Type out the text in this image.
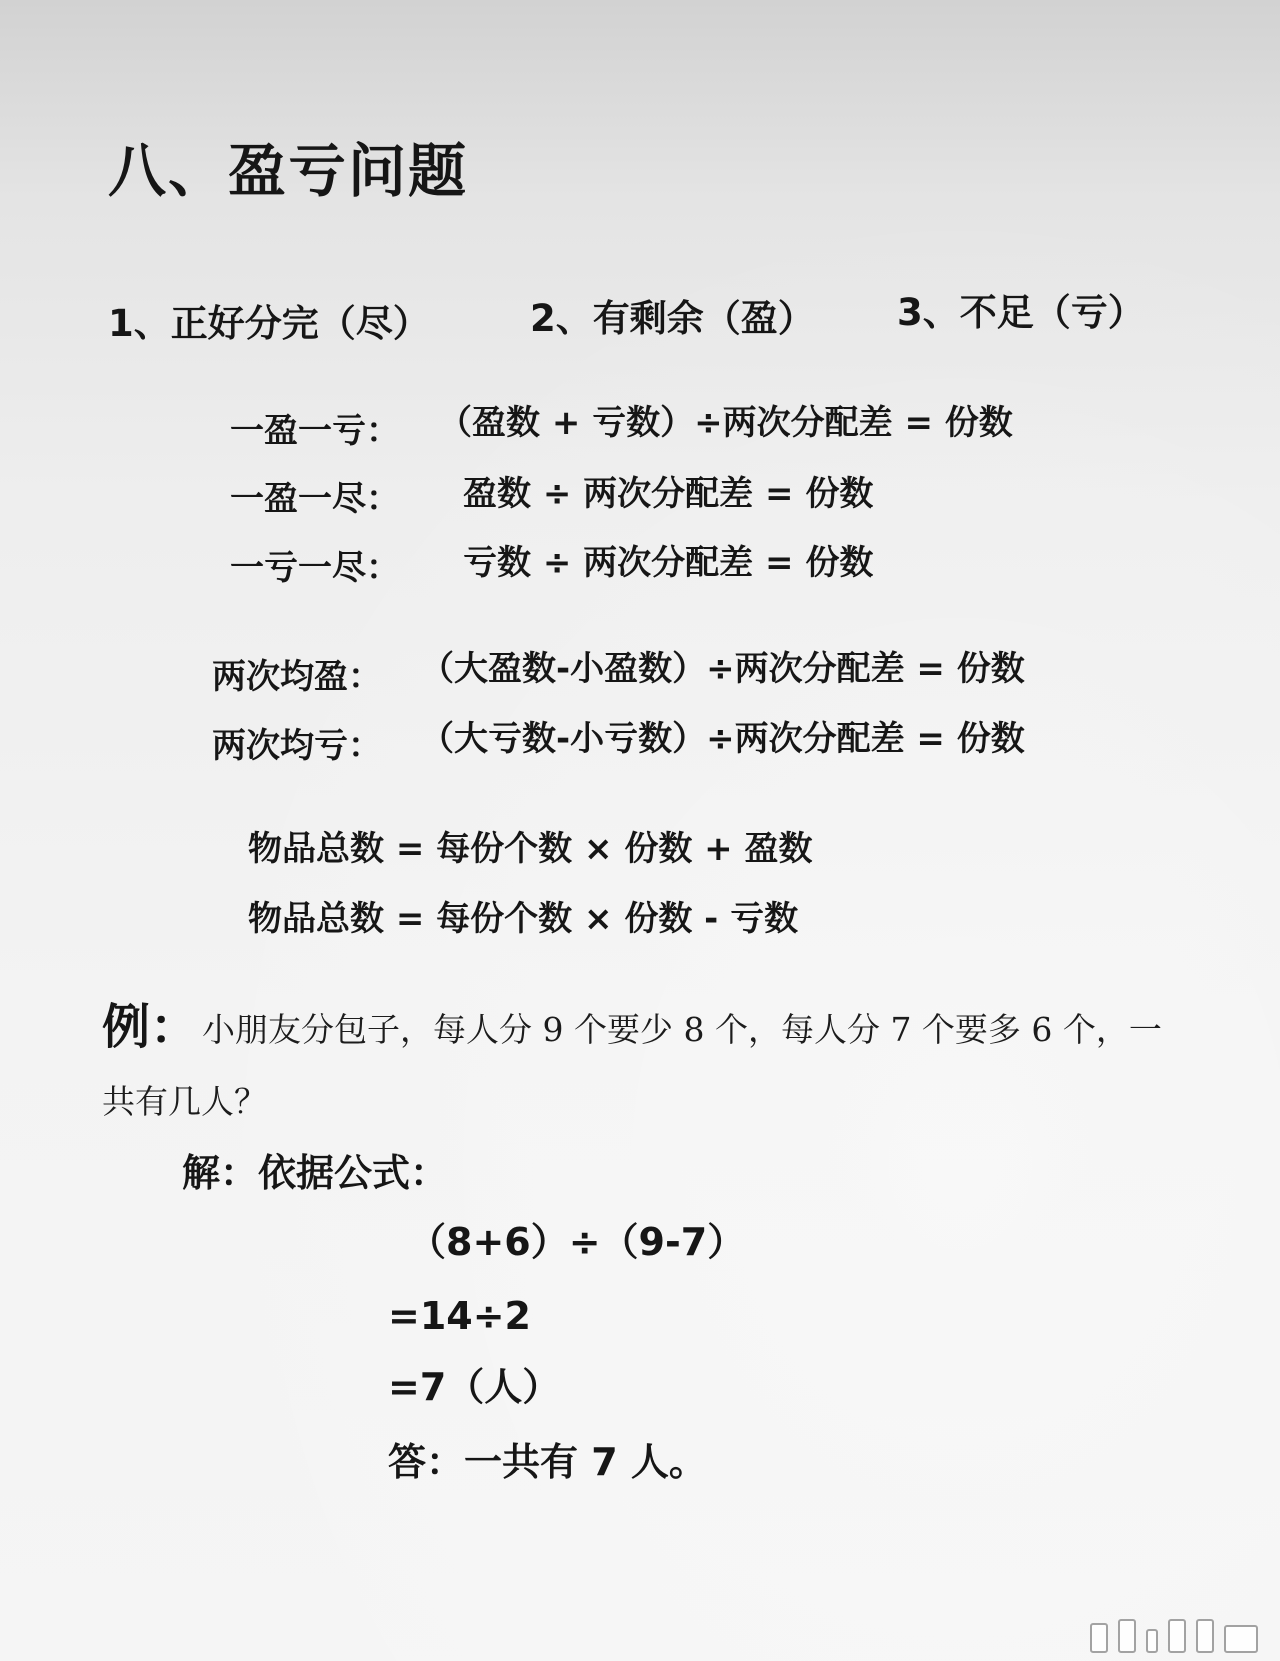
八、盈亏问题
1、正好分完（尽）	2、有剩余（盈） 3、不足（亏）
一盈一亏： （盈数 + 亏数）÷两次分配差 = 份数
一盈一尽： 盈数 ÷ 两次分配差 = 份数
一亏一尽： 亏数 ÷ 两次分配差 = 份数
两次均盈： （大盈数-小盈数）÷两次分配差 = 份数
两次均亏： （大亏数-小亏数）÷两次分配差 = 份数
物品总数 = 每份个数 × 份数 + 盈数
物品总数 = 每份个数 × 份数 - 亏数
例： 小朋友分包子，每人分 9 个要少 8 个，每人分 7 个要多 6 个，一
共有几人？
解：依据公式：
（8+6）÷（9-7）
=14÷2
=7（人）
答：一共有 7 人。
